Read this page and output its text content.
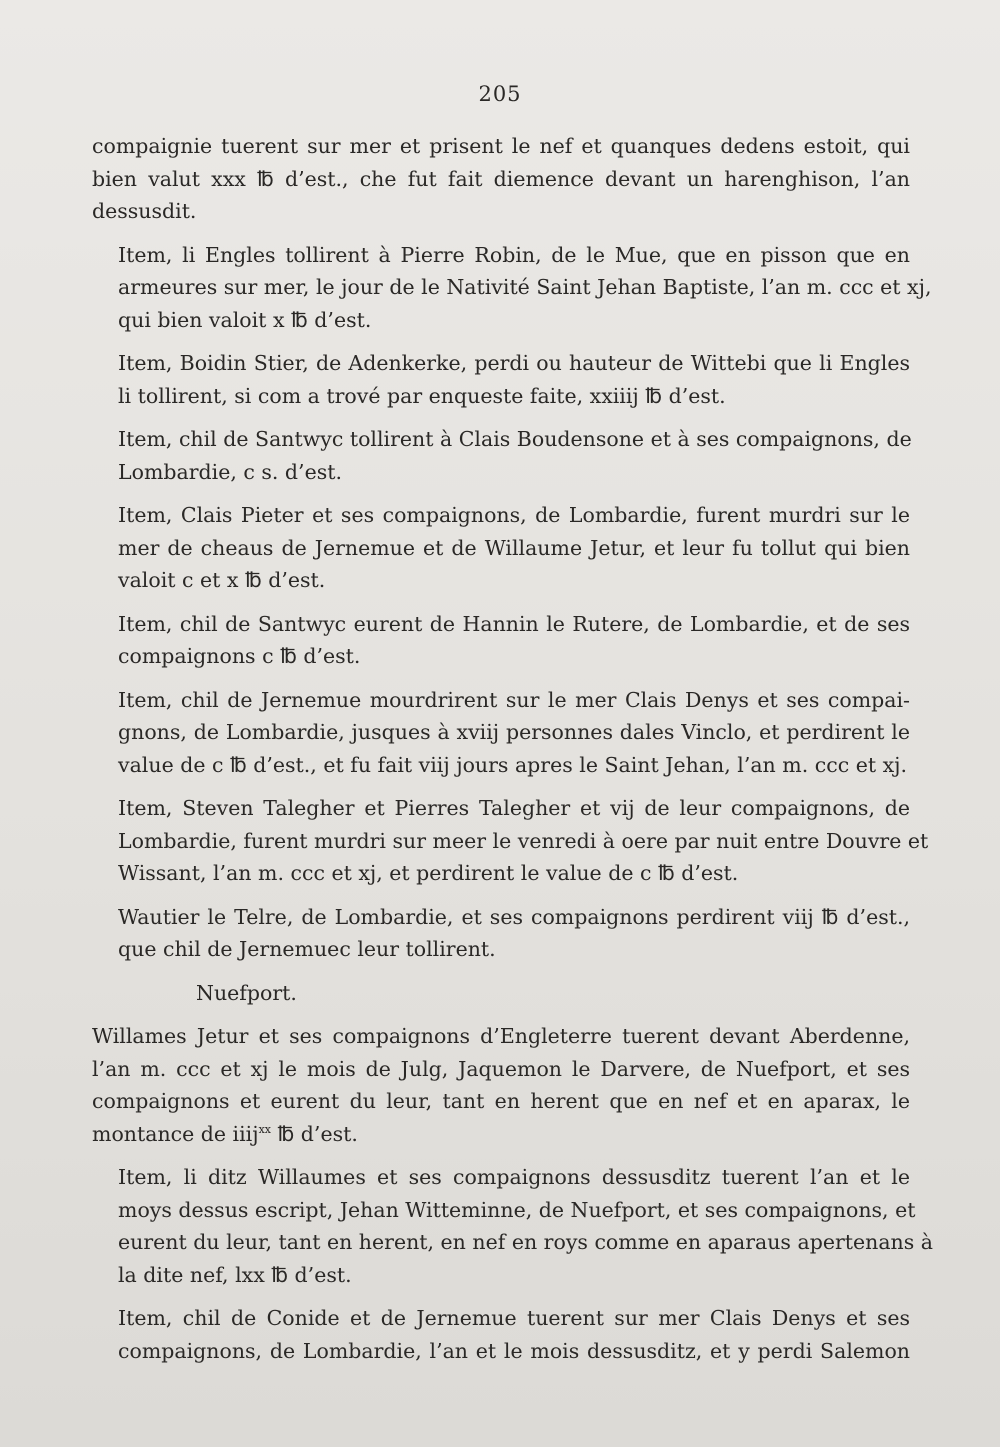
205

compaignie tuerent sur mer et prisent le nef et quanques dedens estoit, qui
bien valut xxx ℔ d’est., che fut fait diemence devant un harenghison, l’an
dessusdit.

Item, li Engles tollirent à Pierre Robin, de le Mue, que en pisson que en
armeures sur mer, le jour de le Nativité Saint Jehan Baptiste, l’an m. ccc et xj,
qui bien valoit x ℔ d’est.

Item, Boidin Stier, de Adenkerke, perdi ou hauteur de Wittebi que li Engles
li tollirent, si com a trové par enqueste faite, xxiiij ℔ d’est.

Item, chil de Santwyc tollirent à Clais Boudensone et à ses compaignons, de
Lombardie, c s. d’est.

Item, Clais Pieter et ses compaignons, de Lombardie, furent murdri sur le
mer de cheaus de Jernemue et de Willaume Jetur, et leur fu tollut qui bien
valoit c et x ℔ d’est.

Item, chil de Santwyc eurent de Hannin le Rutere, de Lombardie, et de ses
compaignons c ℔ d’est.

Item, chil de Jernemue mourdrirent sur le mer Clais Denys et ses compai-
gnons, de Lombardie, jusques à xviij personnes dales Vinclo, et perdirent le
value de c ℔ d’est., et fu fait viij jours apres le Saint Jehan, l’an m. ccc et xj.

Item, Steven Talegher et Pierres Talegher et vij de leur compaignons, de
Lombardie, furent murdri sur meer le venredi à oere par nuit entre Douvre et
Wissant, l’an m. ccc et xj, et perdirent le value de c ℔ d’est.

Wautier le Telre, de Lombardie, et ses compaignons perdirent viij ℔ d’est.,
que chil de Jernemuec leur tollirent.

Nuefport.

Willames Jetur et ses compaignons d’Engleterre tuerent devant Aberdenne,
l’an m. ccc et xj le mois de Julg, Jaquemon le Darvere, de Nuefport, et ses
compaignons et eurent du leur, tant en herent que en nef et en aparax, le
montance de iiij$^{xx}$ ℔ d’est.

Item, li ditz Willaumes et ses compaignons dessusditz tuerent l’an et le
moys dessus escript, Jehan Witteminne, de Nuefport, et ses compaignons, et
eurent du leur, tant en herent, en nef en roys comme en aparaus apertenans à
la dite nef, lxx ℔ d’est.

Item, chil de Conide et de Jernemue tuerent sur mer Clais Denys et ses
compaignons, de Lombardie, l’an et le mois dessusditz, et y perdi Salemon
